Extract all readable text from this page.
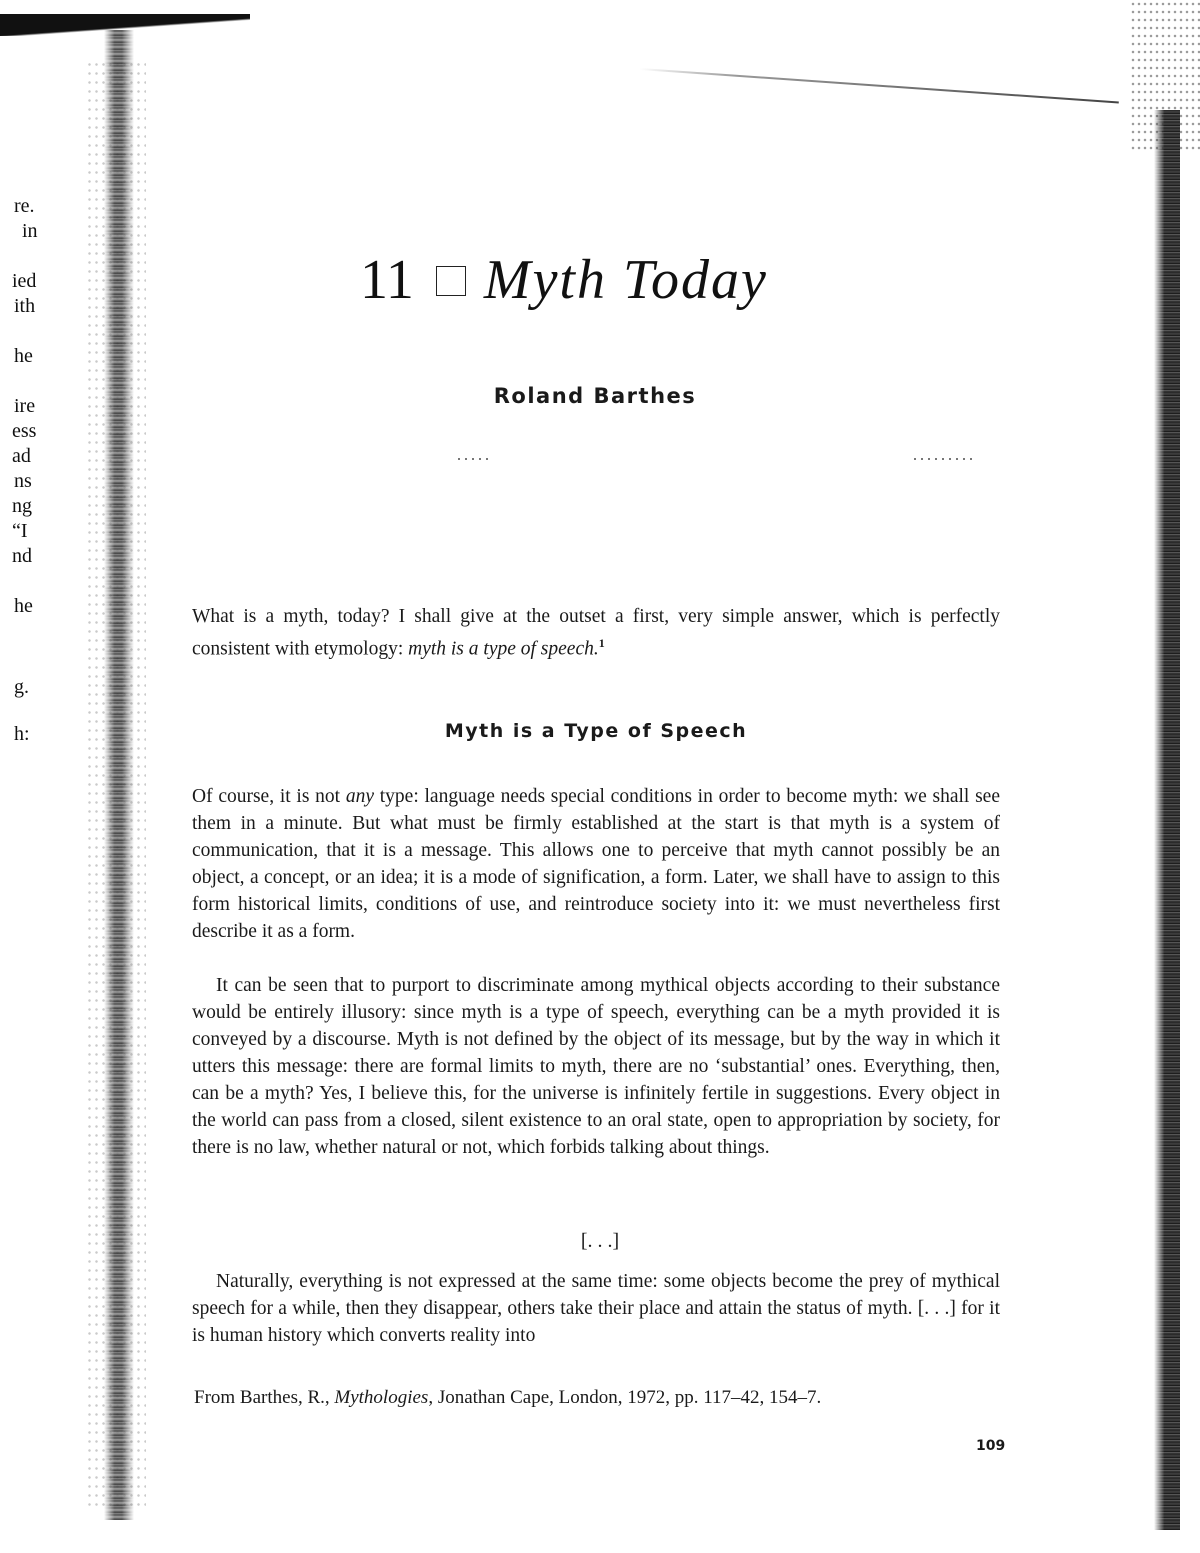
re.
in
ied
ith
he
ire
ess
ad
ns
ng
“I
nd
he
g.
h:
11 Myth Today
Roland Barthes

What is a myth, today? I shall give at the outset a first, very simple answer, which is perfectly consistent with etymology: myth is a type of speech.$^1$

Myth is a Type of Speech

Of course, it is not any type: language needs special conditions in order to become myth: we shall see them in a minute. But what must be firmly established at the start is that myth is a system of communication, that it is a message. This allows one to perceive that myth cannot possibly be an object, a concept, or an idea; it is a mode of signification, a form. Later, we shall have to assign to this form historical limits, conditions of use, and reintroduce society into it: we must nevertheless first describe it as a form.

It can be seen that to purport to discriminate among mythical objects according to their substance would be entirely illusory: since myth is a type of speech, everything can be a myth provided it is conveyed by a discourse. Myth is not defined by the object of its message, but by the way in which it utters this message: there are formal limits to myth, there are no ‘substantial’ ones. Everything, then, can be a myth? Yes, I believe this, for the universe is infinitely fertile in suggestions. Every object in the world can pass from a closed, silent existence to an oral state, open to appropriation by society, for there is no law, whether natural or not, which forbids talking about things.

[. . .]

Naturally, everything is not expressed at the same time: some objects become the prey of mythical speech for a while, then they disappear, others take their place and attain the status of myth. [. . .] for it is human history which converts reality into

From Barthes, R., Mythologies, Jonathan Cape, London, 1972, pp. 117–42, 154–7.
109
